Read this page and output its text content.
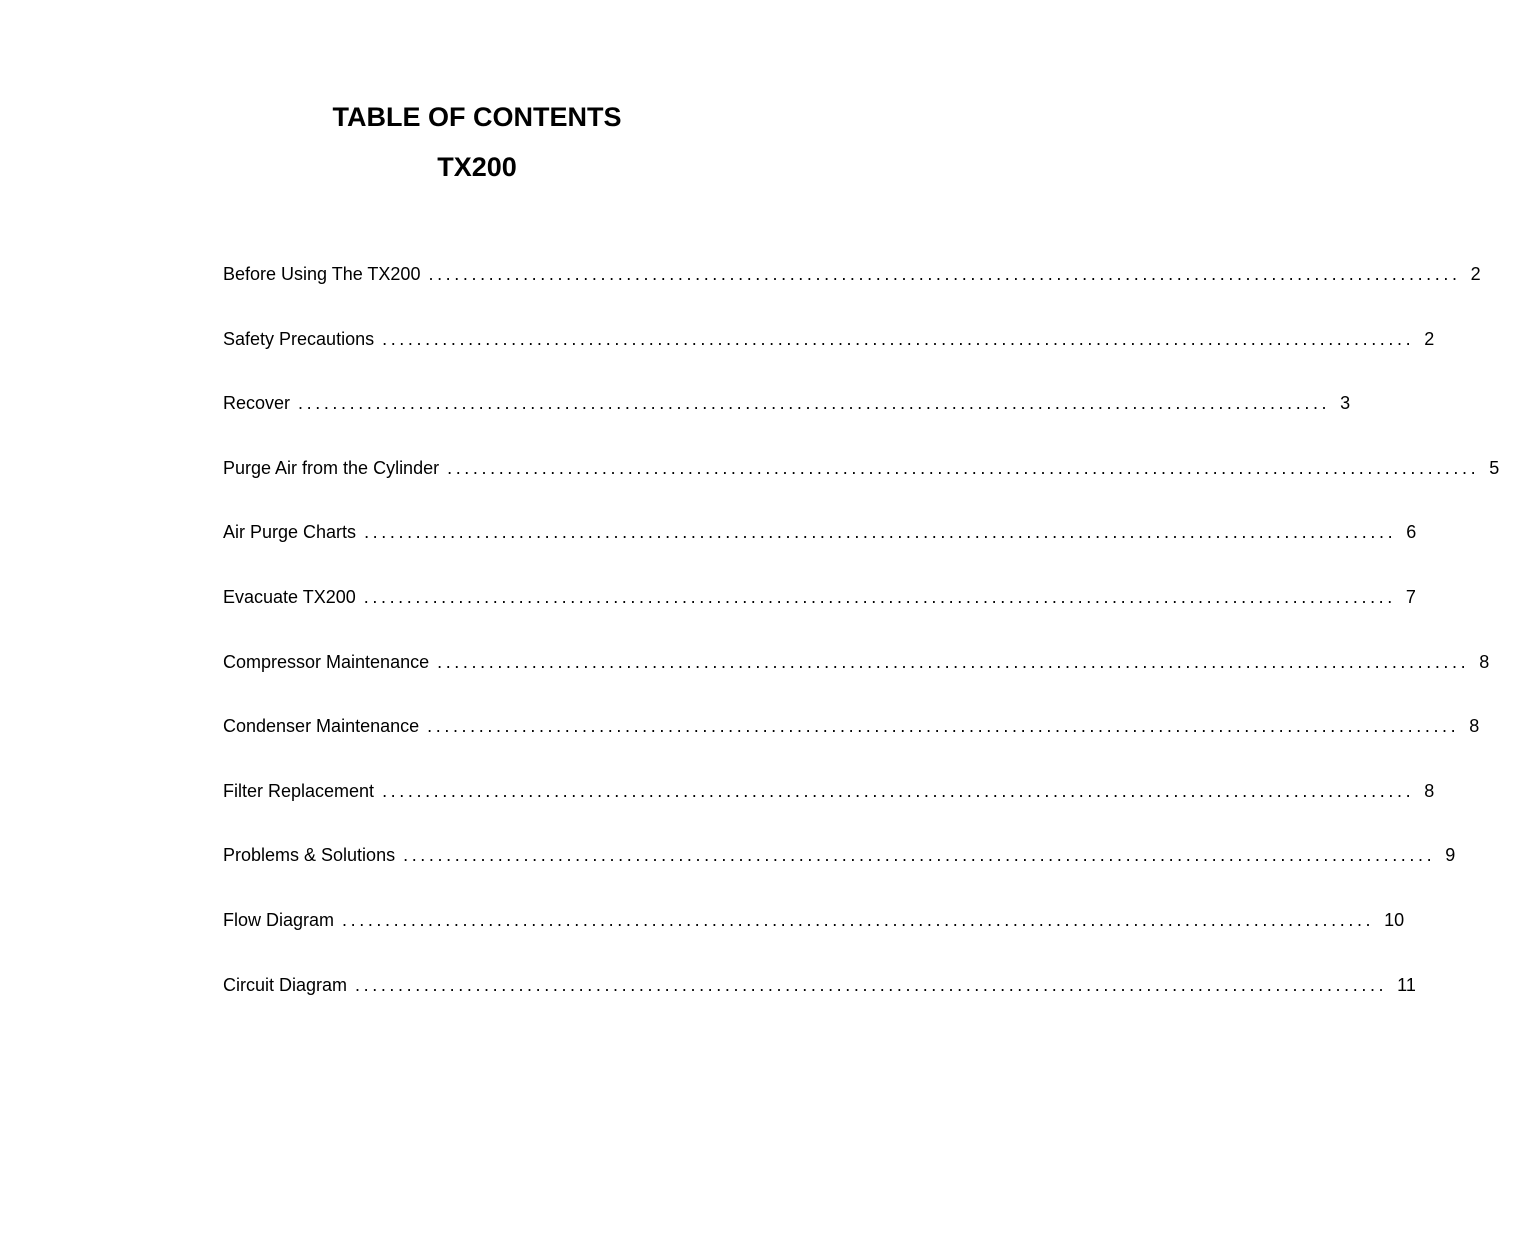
TABLE OF CONTENTS
TX200
Before Using The TX200 ........................................................................................................................ 2
Safety Precautions ........................................................................................................................ 2
Recover ........................................................................................................................ 3
Purge Air from the Cylinder ........................................................................................................................ 5
Air Purge Charts ........................................................................................................................ 6
Evacuate TX200 ........................................................................................................................ 7
Compressor Maintenance ........................................................................................................................ 8
Condenser Maintenance ........................................................................................................................ 8
Filter Replacement ........................................................................................................................ 8
Problems & Solutions ........................................................................................................................ 9
Flow Diagram ........................................................................................................................ 10
Circuit Diagram ........................................................................................................................ 11
